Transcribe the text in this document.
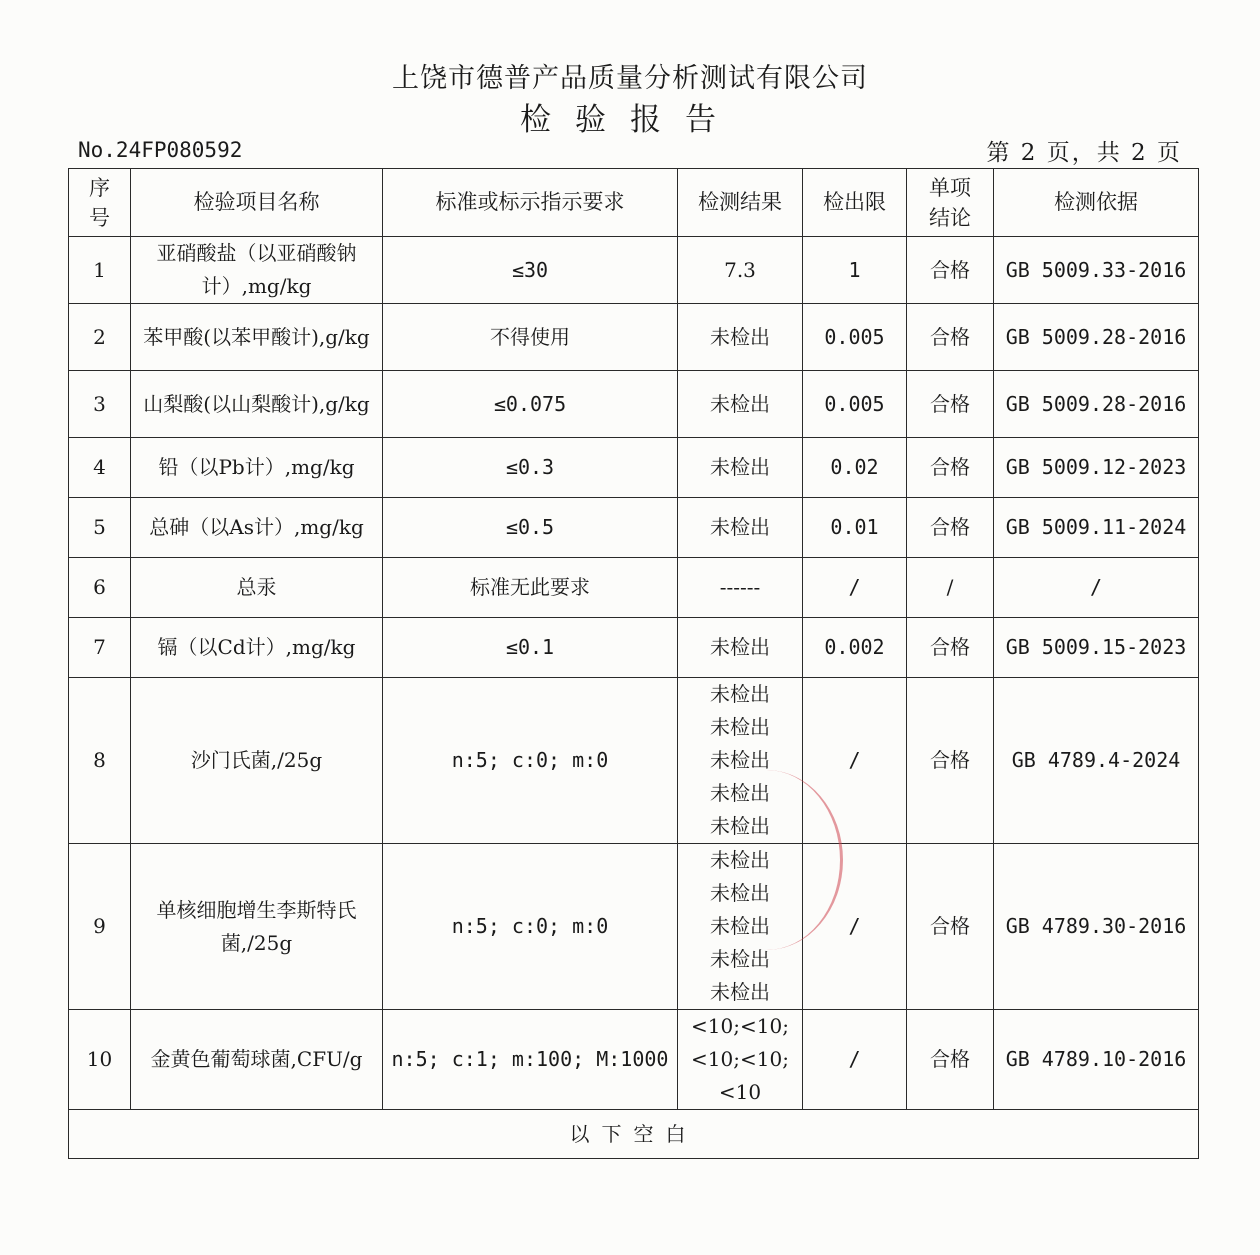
上饶市德普产品质量分析测试有限公司
检验报告
No.24FP080592	第 2 页，共 2 页
序号	检验项目名称	标准或标示指示要求	检测结果	检出限	单项结论	检测依据
1	亚硝酸盐（以亚硝酸钠计）,mg/kg	≤30	7.3	1	合格	GB 5009.33-2016
2	苯甲酸(以苯甲酸计),g/kg	不得使用	未检出	0.005	合格	GB 5009.28-2016
3	山梨酸(以山梨酸计),g/kg	≤0.075	未检出	0.005	合格	GB 5009.28-2016
4	铅（以Pb计）,mg/kg	≤0.3	未检出	0.02	合格	GB 5009.12-2023
5	总砷（以As计）,mg/kg	≤0.5	未检出	0.01	合格	GB 5009.11-2024
6	总汞	标准无此要求	------	/	/	/
7	镉（以Cd计）,mg/kg	≤0.1	未检出	0.002	合格	GB 5009.15-2023
8	沙门氏菌,/25g	n:5; c:0; m:0	未检出
未检出
未检出
未检出
未检出	/	合格	GB 4789.4-2024
9	单核细胞增生李斯特氏菌,/25g	n:5; c:0; m:0	未检出
未检出
未检出
未检出
未检出	/	合格	GB 4789.30-2016
10	金黄色葡萄球菌,CFU/g	n:5; c:1; m:100; M:1000	<10;<10;
<10;<10;
<10	/	合格	GB 4789.10-2016
以下空白						
